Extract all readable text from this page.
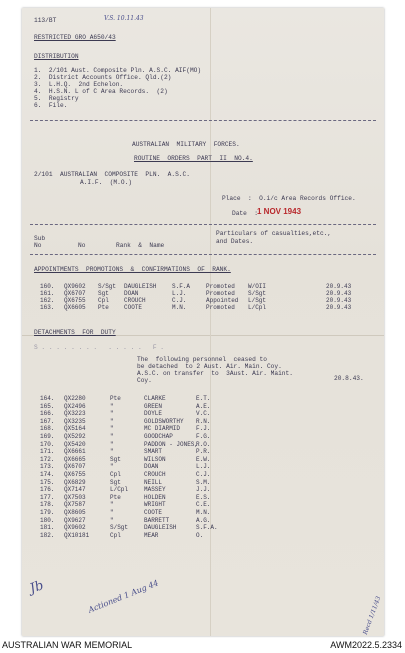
113/BT	V.S. 10.11.43
RESTRICTED GRO A650/43
DISTRIBUTION
1.  2/101 Aust. Composite Pln. A.S.C. AIF(MO)
2.  District Accounts Office. Qld.(2)
3.  L.H.Q.  2nd Echelon.
4.  H.S.N. L of C Area Records.  (2)
5.  Registry
6.  File.
AUSTRALIAN  MILITARY  FORCES.
ROUTINE  ORDERS  PART  II  NO.4.
2/101  AUSTRALIAN  COMPOSITE  PLN.  A.S.C.
A.I.F.  (M.O.)
Place  :  O.i/c Area Records Office.
Date  : 1 NOV 1943
Sub
No	No	Rank  &  Name
Particulars of casualties,etc.,
and Dates.
APPOINTMENTS  PROMOTIONS  &  CONFIRMATIONS  OF  RANK.
160. QX9602 S/Sgt DAUGLEISH	S.F.A	Promoted W/OII	20.9.43
161. QX6707 Sgt	DOAN	L.J.	Promoted S/Sgt	20.9.43
162. QX6755 Cpl	CROUCH	C.J.	Appointed L/Sgt	20.9.43
163. QX6605 Pte	COOTE	M.N.	Promoted L/Cpl	20.9.43
DETACHMENTS  FOR  DUTY
S . . . . . . . .   . . . . .   F .
The  following personnel  ceased to
be detached  to 2 Aust. Air. Main. Coy.
A.S.C. on transfer  to  3Aust. Air. Maint.
Coy.	20.8.43.
164. QX2280	Pte	CLARKE	E.T.
165. QX2496	"	GREEN	A.E.
166. QX3223	"	DOYLE	V.C.
167. QX3235	"	GOLDSWORTHY R.N.
168. QX5164	"	MC DIARMID	F.J.
169. QX5292	"	GOODCHAP	F.G.
170. QX5420	"	PADDON - JONES,
R.O.
171. QX6661	"	SMART	P.R.
172. QX6665	Sgt	WILSON	E.W.
173. QX6707	"	DOAN	L.J.
174. QX6755	Cpl	CROUCH	C.J.
175. QX6829	Sgt	NEILL	S.M.
176. QX7147	L/Cpl	MASSEY	J.J.
177. QX7503	Pte	HOLDEN	E.S.
178. QX7587	"	WRIGHT	C.E.
179. QX8605	"	COOTE	M.N.
180. QX9627	"	BARRETT	A.G.
181. QX9602	S/Sgt	DAUGLEISH	S.F.A.
182. QX10181	Cpl	MEAR	O.
Jb	Actioned 1 Aug 44	Recd 1/11/43
AUSTRALIAN WAR MEMORIAL	AWM2022.5.2334
